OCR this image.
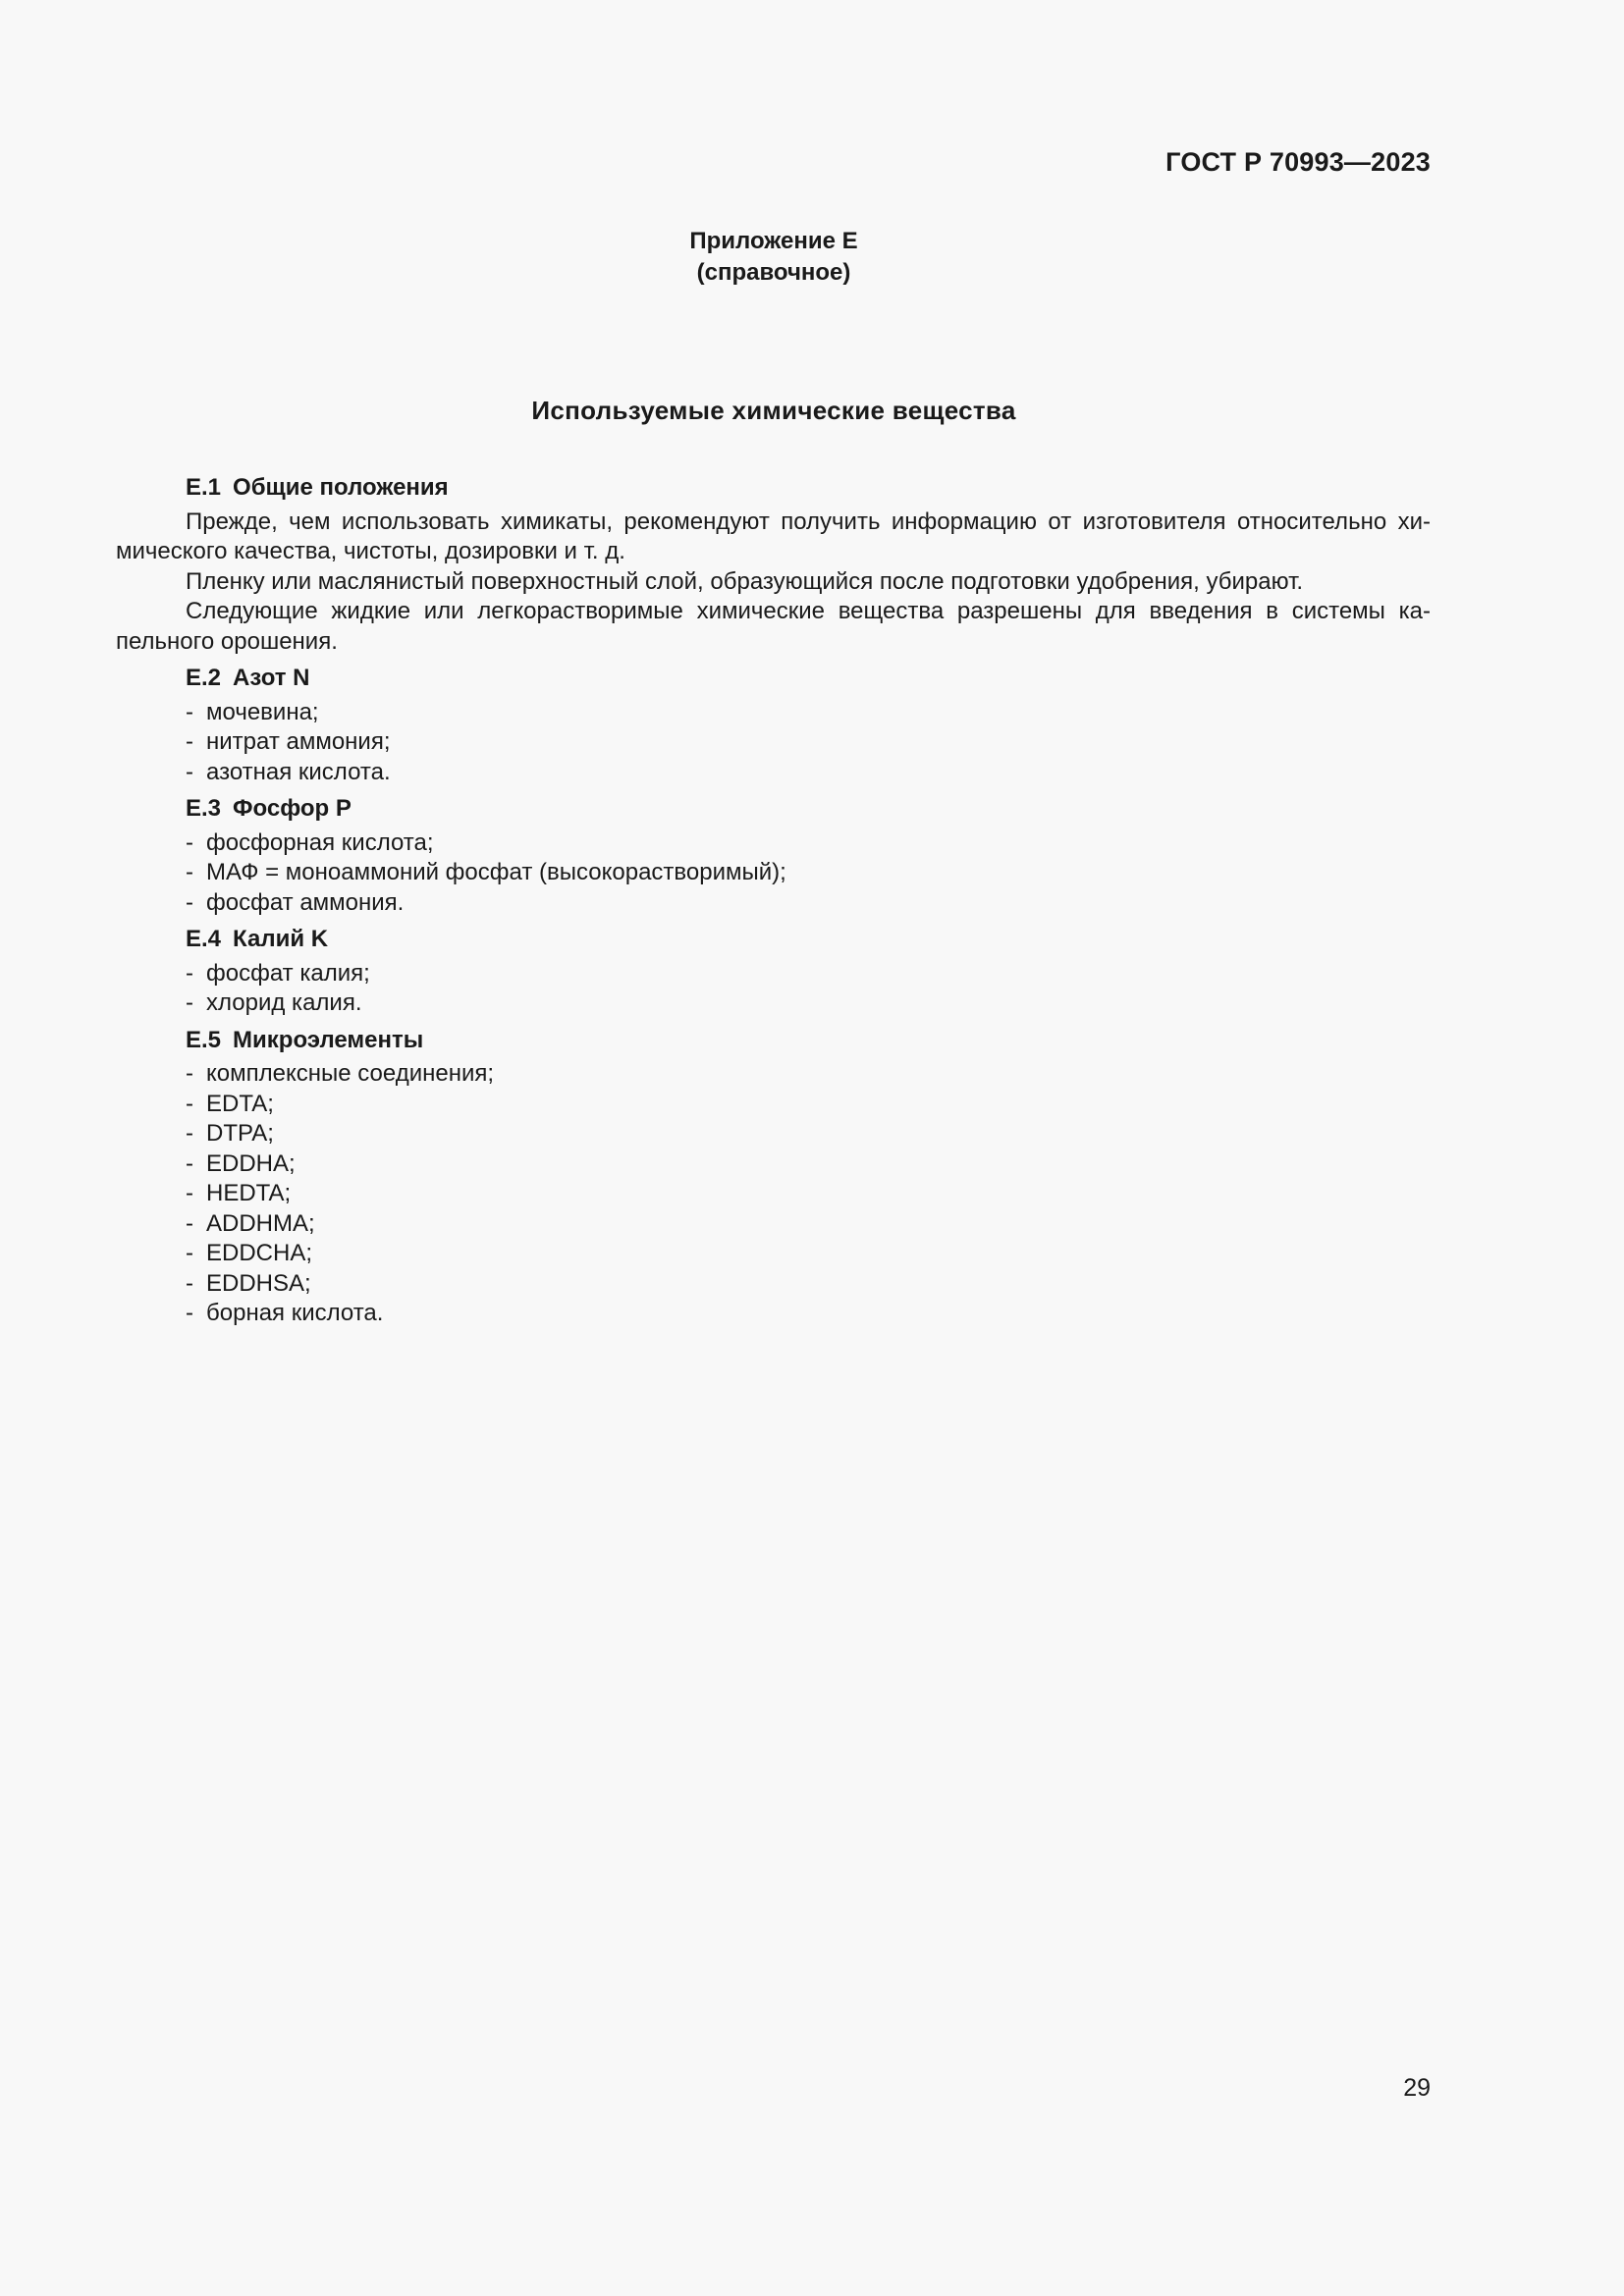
ГОСТ Р 70993—2023
Приложение Е
(справочное)
Используемые химические вещества
Е.1 Общие положения

Прежде, чем использовать химикаты, рекомендуют получить информацию от изготовителя относительно химического качества, чистоты, дозировки и т. д.

Пленку или маслянистый поверхностный слой, образующийся после подготовки удобрения, убирают.

Следующие жидкие или легкорастворимые химические вещества разрешены для введения в системы капельного орошения.

Е.2 Азот N
- мочевина;
- нитрат аммония;
- азотная кислота.
Е.3 Фосфор Р
- фосфорная кислота;
- МАФ = моноаммоний фосфат (высокорастворимый);
- фосфат аммония.
Е.4 Калий K
- фосфат калия;
- хлорид калия.
Е.5 Микроэлементы
- комплексные соединения;
- EDTA;
- DTPA;
- EDDHA;
- HEDTA;
- ADDHMA;
- EDDCHA;
- EDDHSA;
- борная кислота.
29
